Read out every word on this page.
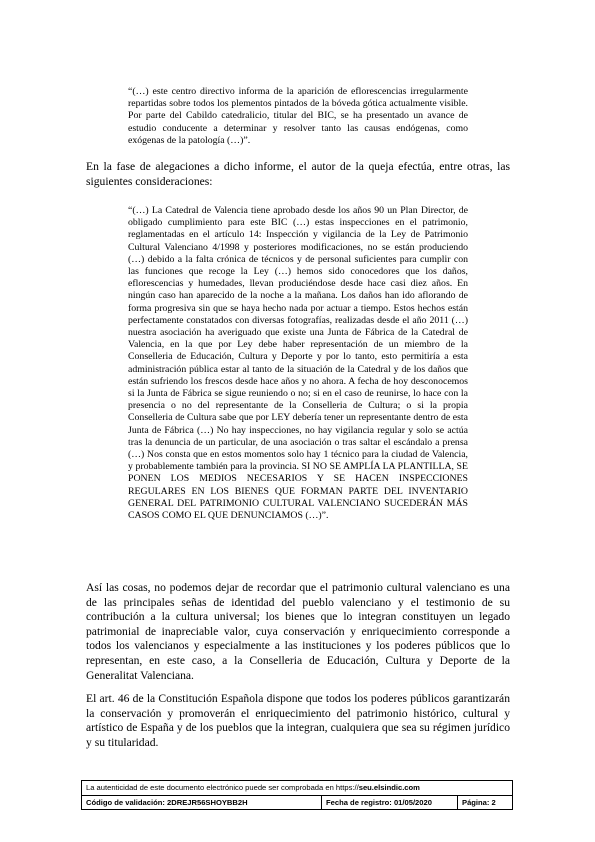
“(…) este centro directivo informa de la aparición de eflorescencias irregularmente repartidas sobre todos los plementos pintados de la bóveda gótica actualmente visible. Por parte del Cabildo catedralicio, titular del BIC, se ha presentado un avance de estudio conducente a determinar y resolver tanto las causas endógenas, como exógenas de la patología (…)”.

En la fase de alegaciones a dicho informe, el autor de la queja efectúa, entre otras, las siguientes consideraciones:

“(…) La Catedral de Valencia tiene aprobado desde los años 90 un Plan Director, de obligado cumplimiento para este BIC (…) estas inspecciones en el patrimonio, reglamentadas en el artículo 14: Inspección y vigilancia de la Ley de Patrimonio Cultural Valenciano 4/1998 y posteriores modificaciones, no se están produciendo (…) debido a la falta crónica de técnicos y de personal suficientes para cumplir con las funciones que recoge la Ley (…) hemos sido conocedores que los daños, eflorescencias y humedades, llevan produciéndose desde hace casi diez años. En ningún caso han aparecido de la noche a la mañana. Los daños han ido aflorando de forma progresiva sin que se haya hecho nada por actuar a tiempo. Estos hechos están perfectamente constatados con diversas fotografías, realizadas desde el año 2011 (…) nuestra asociación ha averiguado que existe una Junta de Fábrica de la Catedral de Valencia, en la que por Ley debe haber representación de un miembro de la Conselleria de Educación, Cultura y Deporte y por lo tanto, esto permitiría a esta administración pública estar al tanto de la situación de la Catedral y de los daños que están sufriendo los frescos desde hace años y no ahora. A fecha de hoy desconocemos si la Junta de Fábrica se sigue reuniendo o no; si en el caso de reunirse, lo hace con la presencia o no del representante de la Conselleria de Cultura; o si la propia Conselleria de Cultura sabe que por LEY debería tener un representante dentro de esta Junta de Fábrica (…) No hay inspecciones, no hay vigilancia regular y solo se actúa tras la denuncia de un particular, de una asociación o tras saltar el escándalo a prensa (…) Nos consta que en estos momentos solo hay 1 técnico para la ciudad de Valencia, y probablemente también para la provincia. SI NO SE AMPLÍA LA PLANTILLA, SE PONEN LOS MEDIOS NECESARIOS Y SE HACEN INSPECCIONES REGULARES EN LOS BIENES QUE FORMAN PARTE DEL INVENTARIO GENERAL DEL PATRIMONIO CULTURAL VALENCIANO SUCEDERÁN MÁS CASOS COMO EL QUE DENUNCIAMOS (…)”.

Así las cosas, no podemos dejar de recordar que el patrimonio cultural valenciano es una de las principales señas de identidad del pueblo valenciano y el testimonio de su contribución a la cultura universal; los bienes que lo integran constituyen un legado patrimonial de inapreciable valor, cuya conservación y enriquecimiento corresponde a todos los valencianos y especialmente a las instituciones y los poderes públicos que lo representan, en este caso, a la Conselleria de Educación, Cultura y Deporte de la Generalitat Valenciana.

El art. 46 de la Constitución Española dispone que todos los poderes públicos garantizarán la conservación y promoverán el enriquecimiento del patrimonio histórico, cultural y artístico de España y de los pueblos que la integran, cualquiera que sea su régimen jurídico y su titularidad.

La autenticidad de este documento electrónico puede ser comprobada en https://seu.elsindic.com
Código de validación: 2DREJR56SHOYBB2H	Fecha de registro: 01/05/2020	Página: 2
